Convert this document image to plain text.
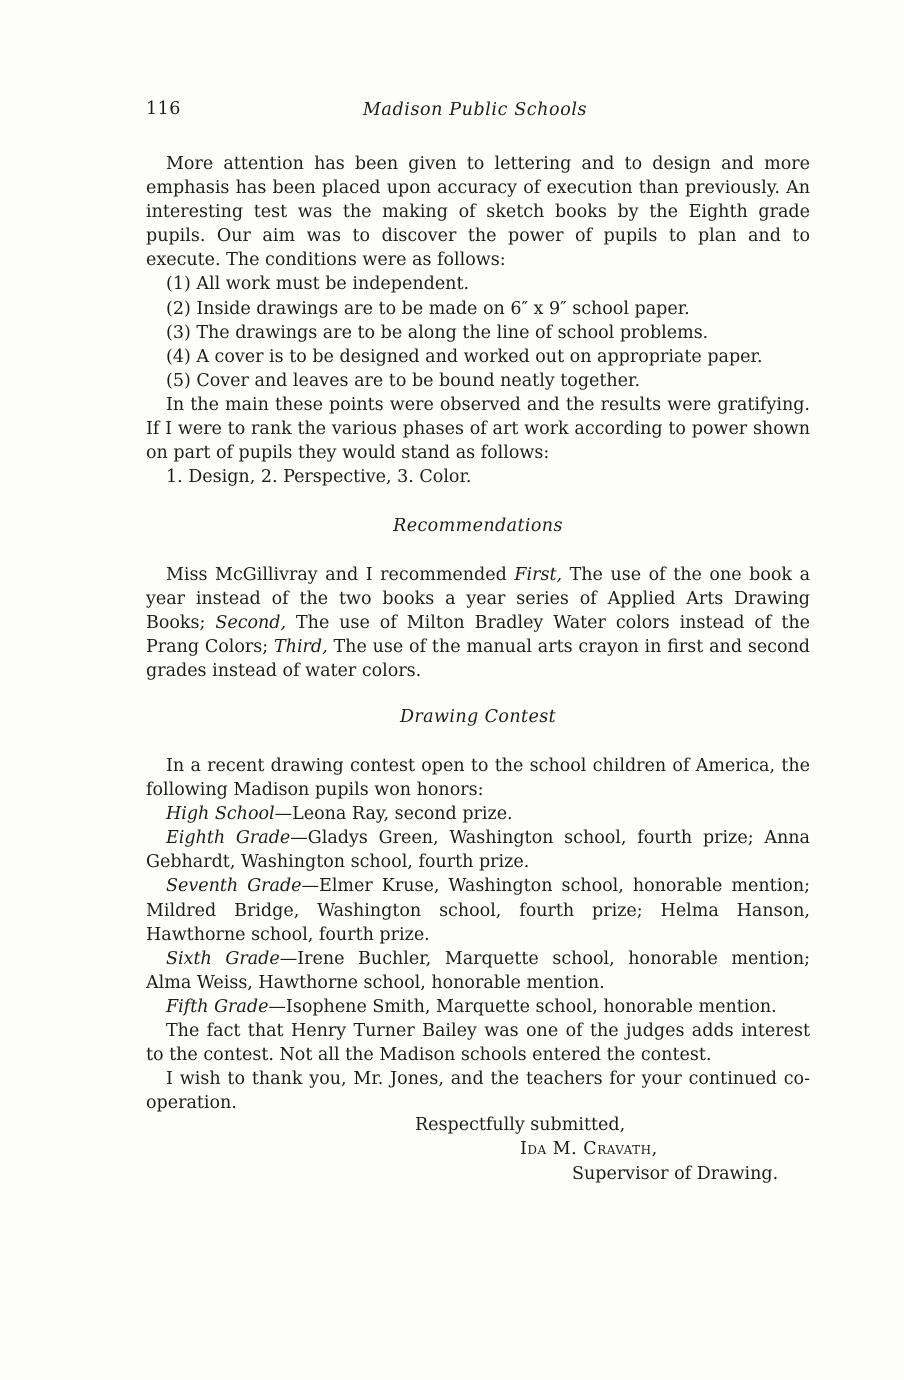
116	Madison Public Schools

More attention has been given to lettering and to design and more emphasis has been placed upon accuracy of execution than previously. An interesting test was the making of sketch books by the Eighth grade pupils. Our aim was to discover the power of pupils to plan and to execute. The conditions were as follows:

(1) All work must be independent.

(2) Inside drawings are to be made on 6″ x 9″ school paper.

(3) The drawings are to be along the line of school problems.

(4) A cover is to be designed and worked out on appropriate paper.

(5) Cover and leaves are to be bound neatly together.

In the main these points were observed and the results were gratifying. If I were to rank the various phases of art work according to power shown on part of pupils they would stand as follows:

1. Design, 2. Perspective, 3. Color.

Recommendations

Miss McGillivray and I recommended First, The use of the one book a year instead of the two books a year series of Applied Arts Drawing Books; Second, The use of Milton Bradley Water colors instead of the Prang Colors; Third, The use of the manual arts crayon in first and second grades instead of water colors.

Drawing Contest

In a recent drawing contest open to the school children of America, the following Madison pupils won honors:

High School—Leona Ray, second prize.

Eighth Grade—Gladys Green, Washington school, fourth prize; Anna Gebhardt, Washington school, fourth prize.

Seventh Grade—Elmer Kruse, Washington school, honorable mention; Mildred Bridge, Washington school, fourth prize; Helma Hanson, Hawthorne school, fourth prize.

Sixth Grade—Irene Buchler, Marquette school, honorable mention; Alma Weiss, Hawthorne school, honorable mention.

Fifth Grade—Isophene Smith, Marquette school, honorable mention.

The fact that Henry Turner Bailey was one of the judges adds interest to the contest. Not all the Madison schools entered the contest.

I wish to thank you, Mr. Jones, and the teachers for your continued co-operation.

Respectfully submitted,
Ida M. Cravath,
Supervisor of Drawing.
